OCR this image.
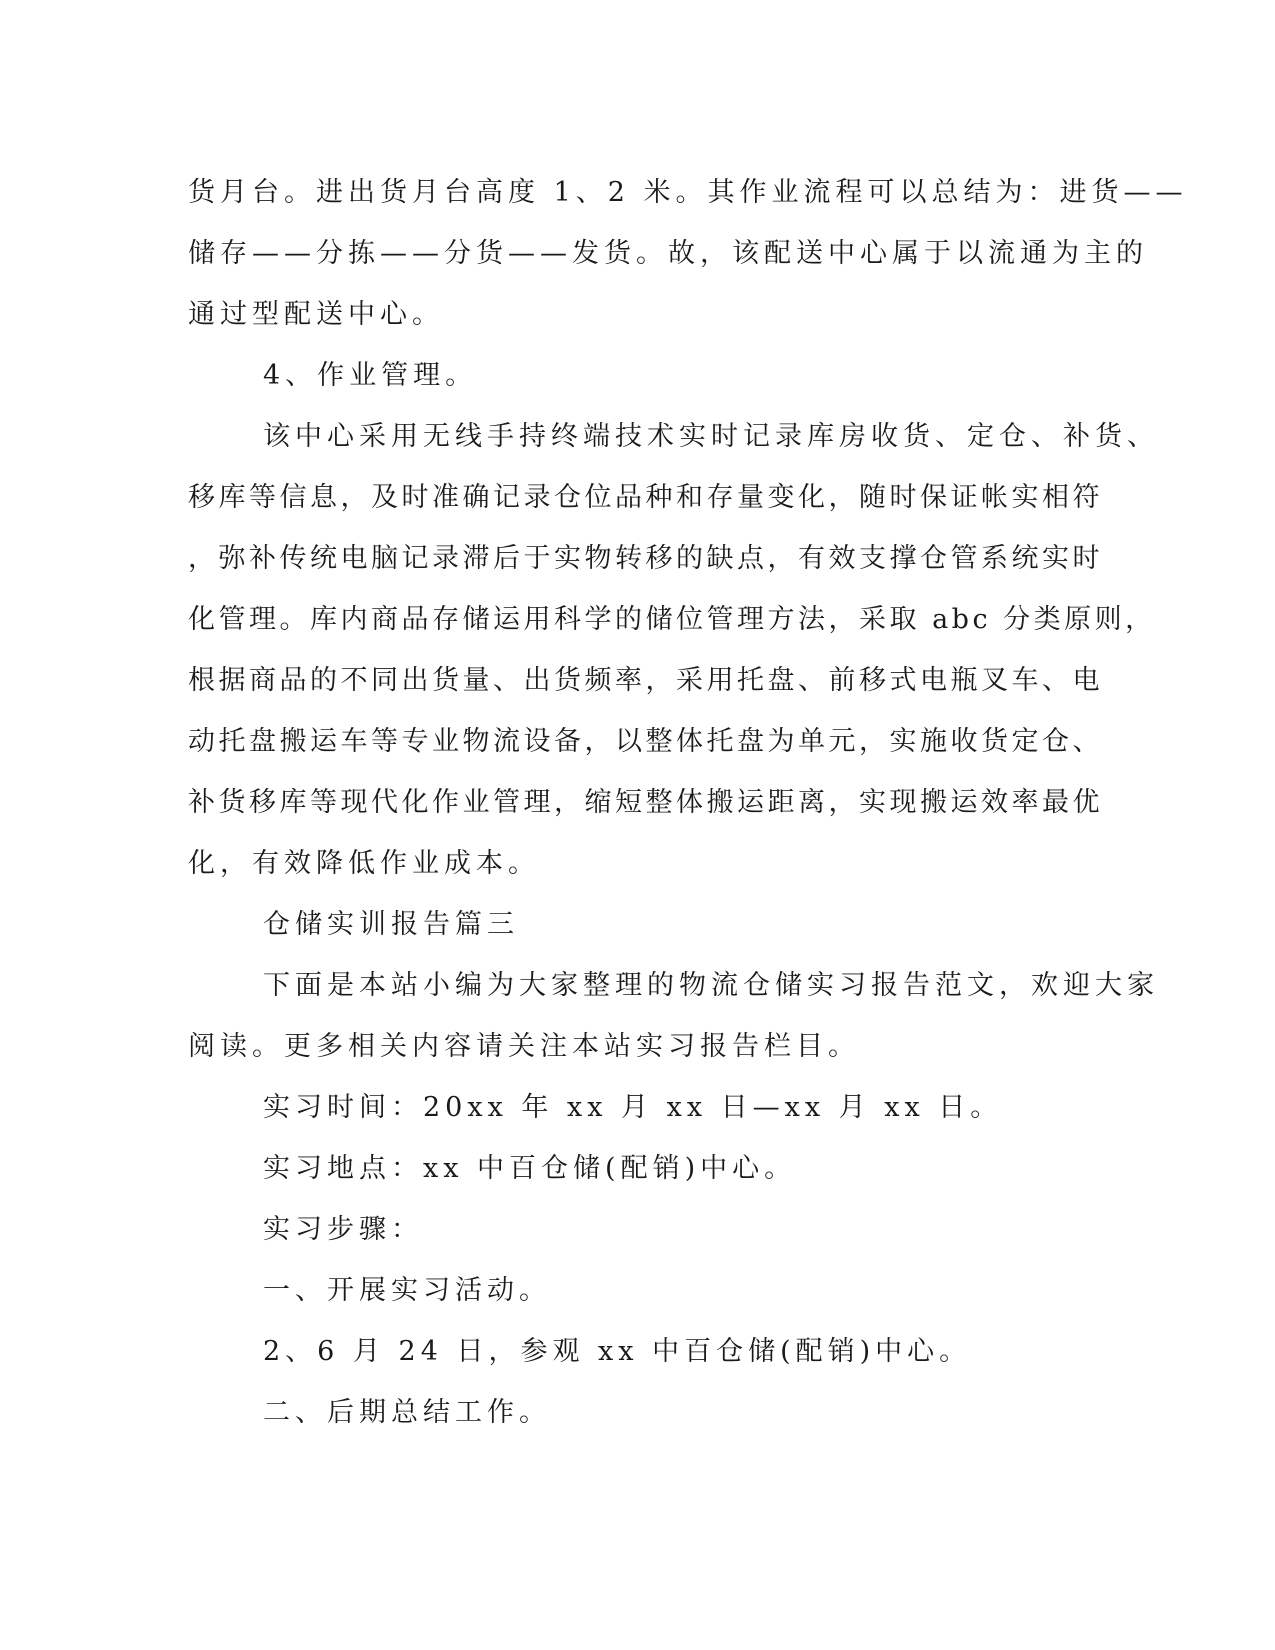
货月台。进出货月台高度 1、2 米。其作业流程可以总结为：进货——
储存——分拣——分货——发货。故，该配送中心属于以流通为主的
通过型配送中心。
4、作业管理。
该中心采用无线手持终端技术实时记录库房收货、定仓、补货、
移库等信息，及时准确记录仓位品种和存量变化，随时保证帐实相符
，弥补传统电脑记录滞后于实物转移的缺点，有效支撑仓管系统实时
化管理。库内商品存储运用科学的储位管理方法，采取 abc 分类原则，
根据商品的不同出货量、出货频率，采用托盘、前移式电瓶叉车、电
动托盘搬运车等专业物流设备，以整体托盘为单元，实施收货定仓、
补货移库等现代化作业管理，缩短整体搬运距离，实现搬运效率最优
化，有效降低作业成本。
仓储实训报告篇三
下面是本站小编为大家整理的物流仓储实习报告范文，欢迎大家
阅读。更多相关内容请关注本站实习报告栏目。
实习时间：20xx 年 xx 月 xx 日—xx 月 xx 日。
实习地点：xx 中百仓储(配销)中心。
实习步骤：
一、开展实习活动。
2、6 月 24 日，参观 xx 中百仓储(配销)中心。
二、后期总结工作。
